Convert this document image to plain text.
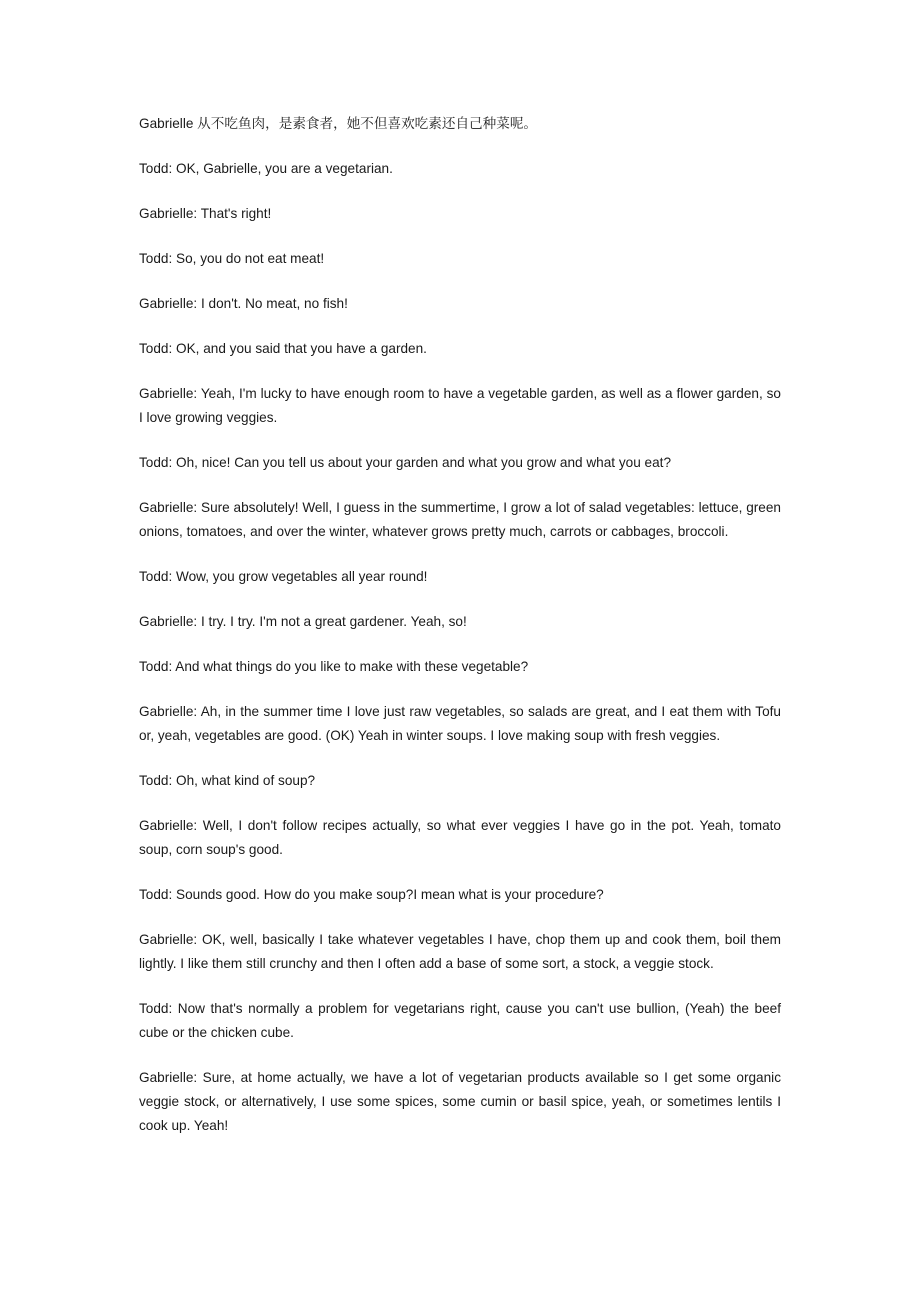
Gabrielle 从不吃鱼肉，是素食者，她不但喜欢吃素还自己种菜呢。

Todd: OK, Gabrielle, you are a vegetarian.

Gabrielle: That's right!

Todd: So, you do not eat meat!

Gabrielle: I don't. No meat, no fish!

Todd: OK, and you said that you have a garden.

Gabrielle: Yeah, I'm lucky to have enough room to have a vegetable garden, as well as a flower garden, so I love growing veggies.

Todd: Oh, nice! Can you tell us about your garden and what you grow and what you eat?

Gabrielle: Sure absolutely! Well, I guess in the summertime, I grow a lot of salad vegetables: lettuce, green onions, tomatoes, and over the winter, whatever grows pretty much, carrots or cabbages, broccoli.

Todd: Wow, you grow vegetables all year round!

Gabrielle: I try. I try. I'm not a great gardener. Yeah, so!

Todd: And what things do you like to make with these vegetable?

Gabrielle: Ah, in the summer time I love just raw vegetables, so salads are great, and I eat them with Tofu or, yeah, vegetables are good. (OK) Yeah in winter soups. I love making soup with fresh veggies.

Todd: Oh, what kind of soup?

Gabrielle: Well, I don't follow recipes actually, so what ever veggies I have go in the pot. Yeah, tomato soup, corn soup's good.

Todd: Sounds good. How do you make soup?I mean what is your procedure?

Gabrielle: OK, well, basically I take whatever vegetables I have, chop them up and cook them, boil them lightly. I like them still crunchy and then I often add a base of some sort, a stock, a veggie stock.

Todd: Now that's normally a problem for vegetarians right, cause you can't use bullion, (Yeah) the beef cube or the chicken cube.

Gabrielle: Sure, at home actually, we have a lot of vegetarian products available so I get some organic veggie stock, or alternatively, I use some spices, some cumin or basil spice, yeah, or sometimes lentils I cook up. Yeah!
